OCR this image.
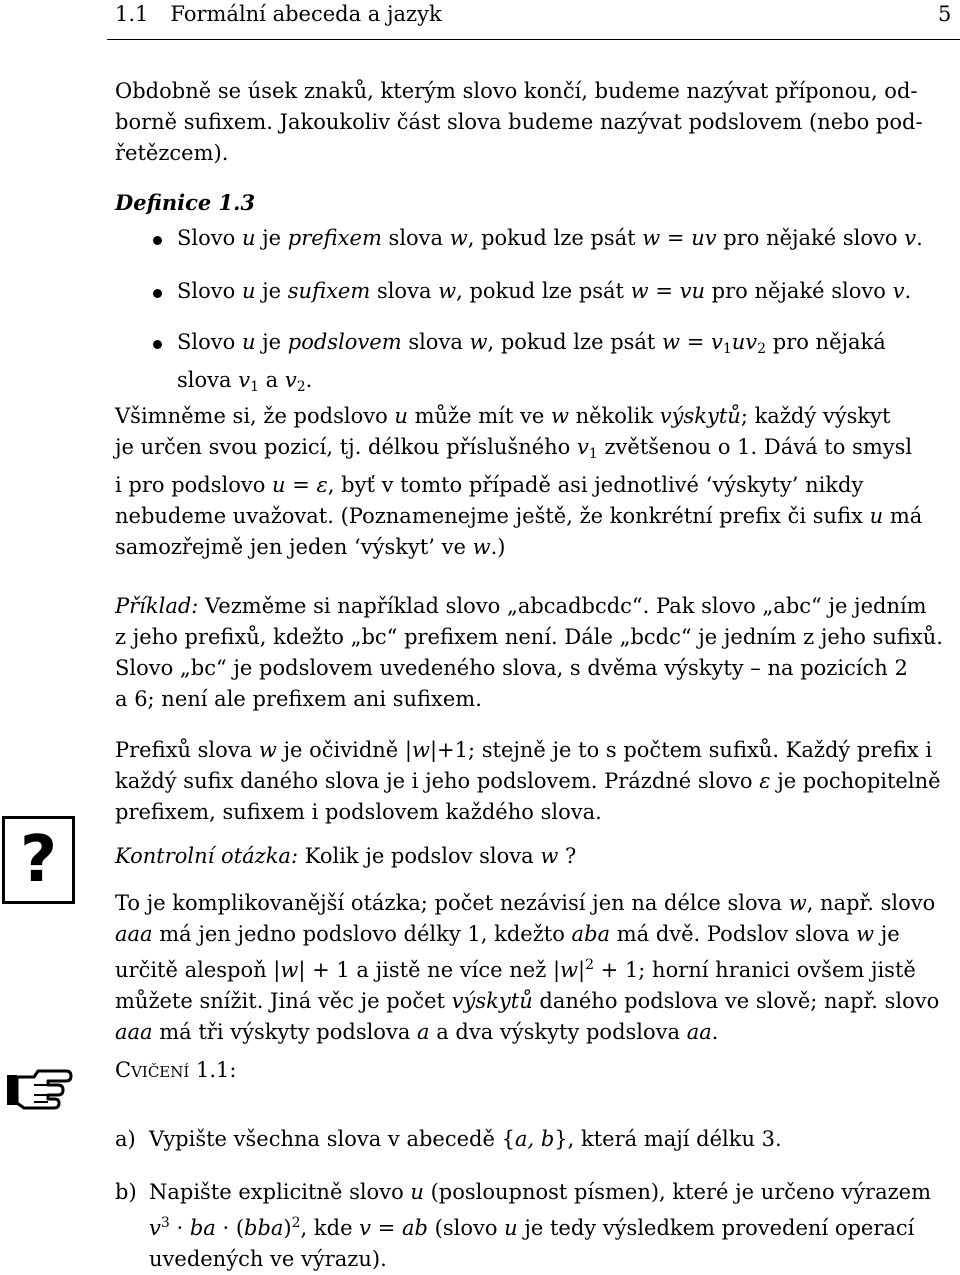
1.1 Formální abeceda a jazyk	5
Obdobně se úsek znaků, kterým slovo končí, budeme nazývat příponou, od-
borně sufixem. Jakoukoliv část slova budeme nazývat podslovem (nebo pod-
řetězcem).
Definice 1.3
Slovo u je prefixem slova w, pokud lze psát w = uv pro nějaké slovo v.
Slovo u je sufixem slova w, pokud lze psát w = vu pro nějaké slovo v.
Slovo u je podslovem slova w, pokud lze psát $w = v_1uv_2$ pro nějaká
slova $v_1$ a $v_2$.
Všimněme si, že podslovo u může mít ve w několik výskytů; každý výskyt
je určen svou pozicí, tj. délkou příslušného $v_1$ zvětšenou o 1. Dává to smysl
i pro podslovo u = ε, byť v tomto případě asi jednotlivé ‘výskyty’ nikdy
nebudeme uvažovat. (Poznamenejme ještě, že konkrétní prefix či sufix u má
samozřejmě jen jeden ‘výskyt’ ve w.)
Příklad: Vezměme si například slovo „abcadbcdc“. Pak slovo „abc“ je jedním
z jeho prefixů, kdežto „bc“ prefixem není. Dále „bcdc“ je jedním z jeho sufixů.
Slovo „bc“ je podslovem uvedeného slova, s dvěma výskyty – na pozicích 2
a 6; není ale prefixem ani sufixem.
Prefixů slova w je očividně |w|+1; stejně je to s počtem sufixů. Každý prefix i
každý sufix daného slova je i jeho podslovem. Prázdné slovo ε je pochopitelně
prefixem, sufixem i podslovem každého slova.
?	Kontrolní otázka: Kolik je podslov slova w ?
To je komplikovanější otázka; počet nezávisí jen na délce slova w, např. slovo
aaa má jen jedno podslovo délky 1, kdežto aba má dvě. Podslov slova w je
určitě alespoň |w| + 1 a jistě ne více než $|w|^2 + 1$; horní hranici ovšem jistě
můžete snížit. Jiná věc je počet výskytů daného podslova ve slově; např. slovo
aaa má tři výskyty podslova a a dva výskyty podslova aa.
Cvičení 1.1:
a) Vypište všechna slova v abecedě {a, b}, která mají délku 3.
b) Napište explicitně slovo u (posloupnost písmen), které je určeno výrazem
$v^3$ · ba · (bba)$^2$, kde v = ab (slovo u je tedy výsledkem provedení operací
uvedených ve výrazu).
